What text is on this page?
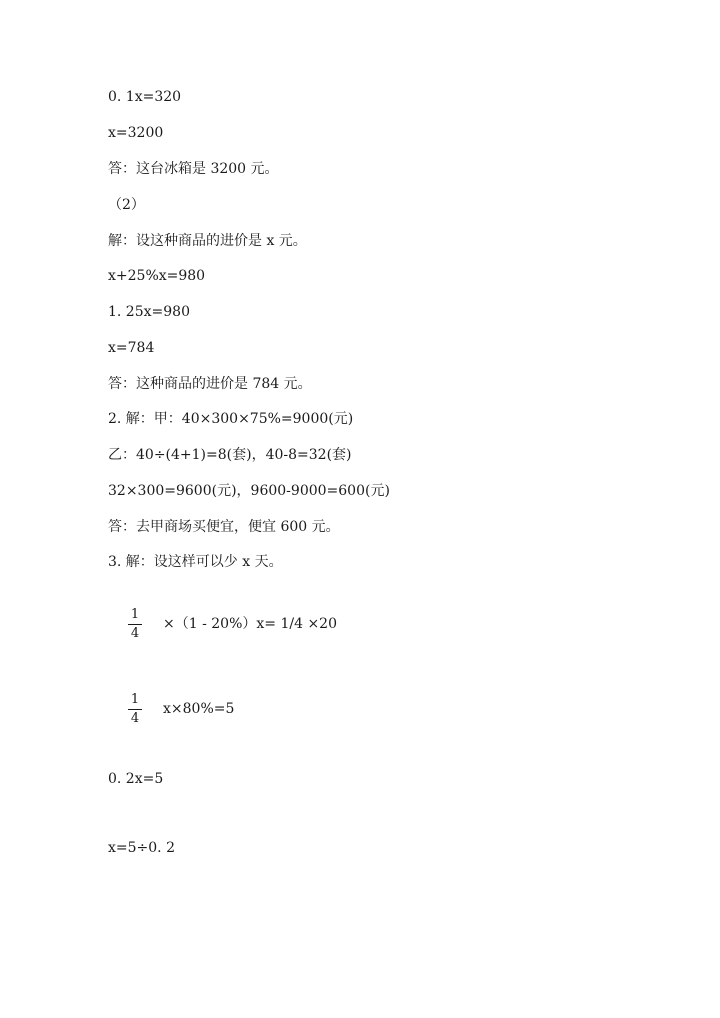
0. 1x=320
x=3200
答：这台冰箱是 3200 元。
（2）
解：设这种商品的进价是 x 元。
x+25%x=980
1. 25x=980
x=784
答：这种商品的进价是 784 元。
2. 解：甲：40×300×75%=9000(元)
乙：40÷(4+1)=8(套)，40-8=32(套)
32×300=9600(元)，9600-9000=600(元)
答：去甲商场买便宜，便宜 600 元。
3. 解：设这样可以少 x 天。
1
4
×（1 - 20%）x= 1/4 ×20
1
4
x×80%=5
0. 2x=5
x=5÷0. 2
